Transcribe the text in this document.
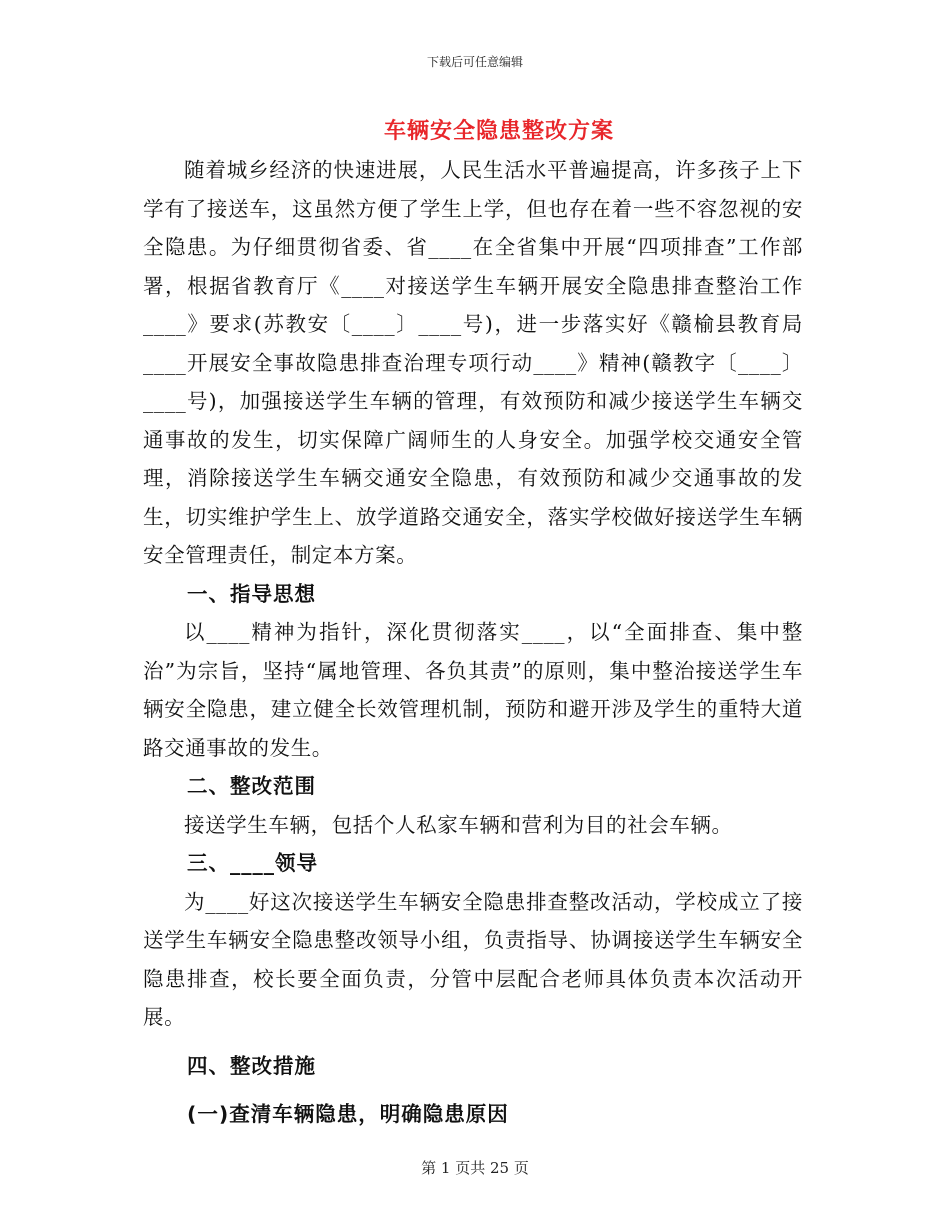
下载后可任意编辑
车辆安全隐患整改方案

随着城乡经济的快速进展，人民生活水平普遍提高，许多孩子上下学有了接送车，这虽然方便了学生上学，但也存在着一些不容忽视的安全隐患。为仔细贯彻省委、省____在全省集中开展“四项排查”工作部署，根据省教育厅《____对接送学生车辆开展安全隐患排查整治工作____》要求(苏教安〔____〕____号)，进一步落实好《赣榆县教育局____开展安全事故隐患排查治理专项行动____》精神(赣教字〔____〕____号)，加强接送学生车辆的管理，有效预防和减少接送学生车辆交通事故的发生，切实保障广阔师生的人身安全。加强学校交通安全管理，消除接送学生车辆交通安全隐患，有效预防和减少交通事故的发生，切实维护学生上、放学道路交通安全，落实学校做好接送学生车辆安全管理责任，制定本方案。

一、指导思想

以____精神为指针，深化贯彻落实____，以“全面排查、集中整治”为宗旨，坚持“属地管理、各负其责”的原则，集中整治接送学生车辆安全隐患，建立健全长效管理机制，预防和避开涉及学生的重特大道路交通事故的发生。

二、整改范围

接送学生车辆，包括个人私家车辆和营利为目的社会车辆。

三、____领导

为____好这次接送学生车辆安全隐患排查整改活动，学校成立了接送学生车辆安全隐患整改领导小组，负责指导、协调接送学生车辆安全隐患排查，校长要全面负责，分管中层配合老师具体负责本次活动开展。

四、整改措施

(一)查清车辆隐患，明确隐患原因

第 1 页共 25 页
